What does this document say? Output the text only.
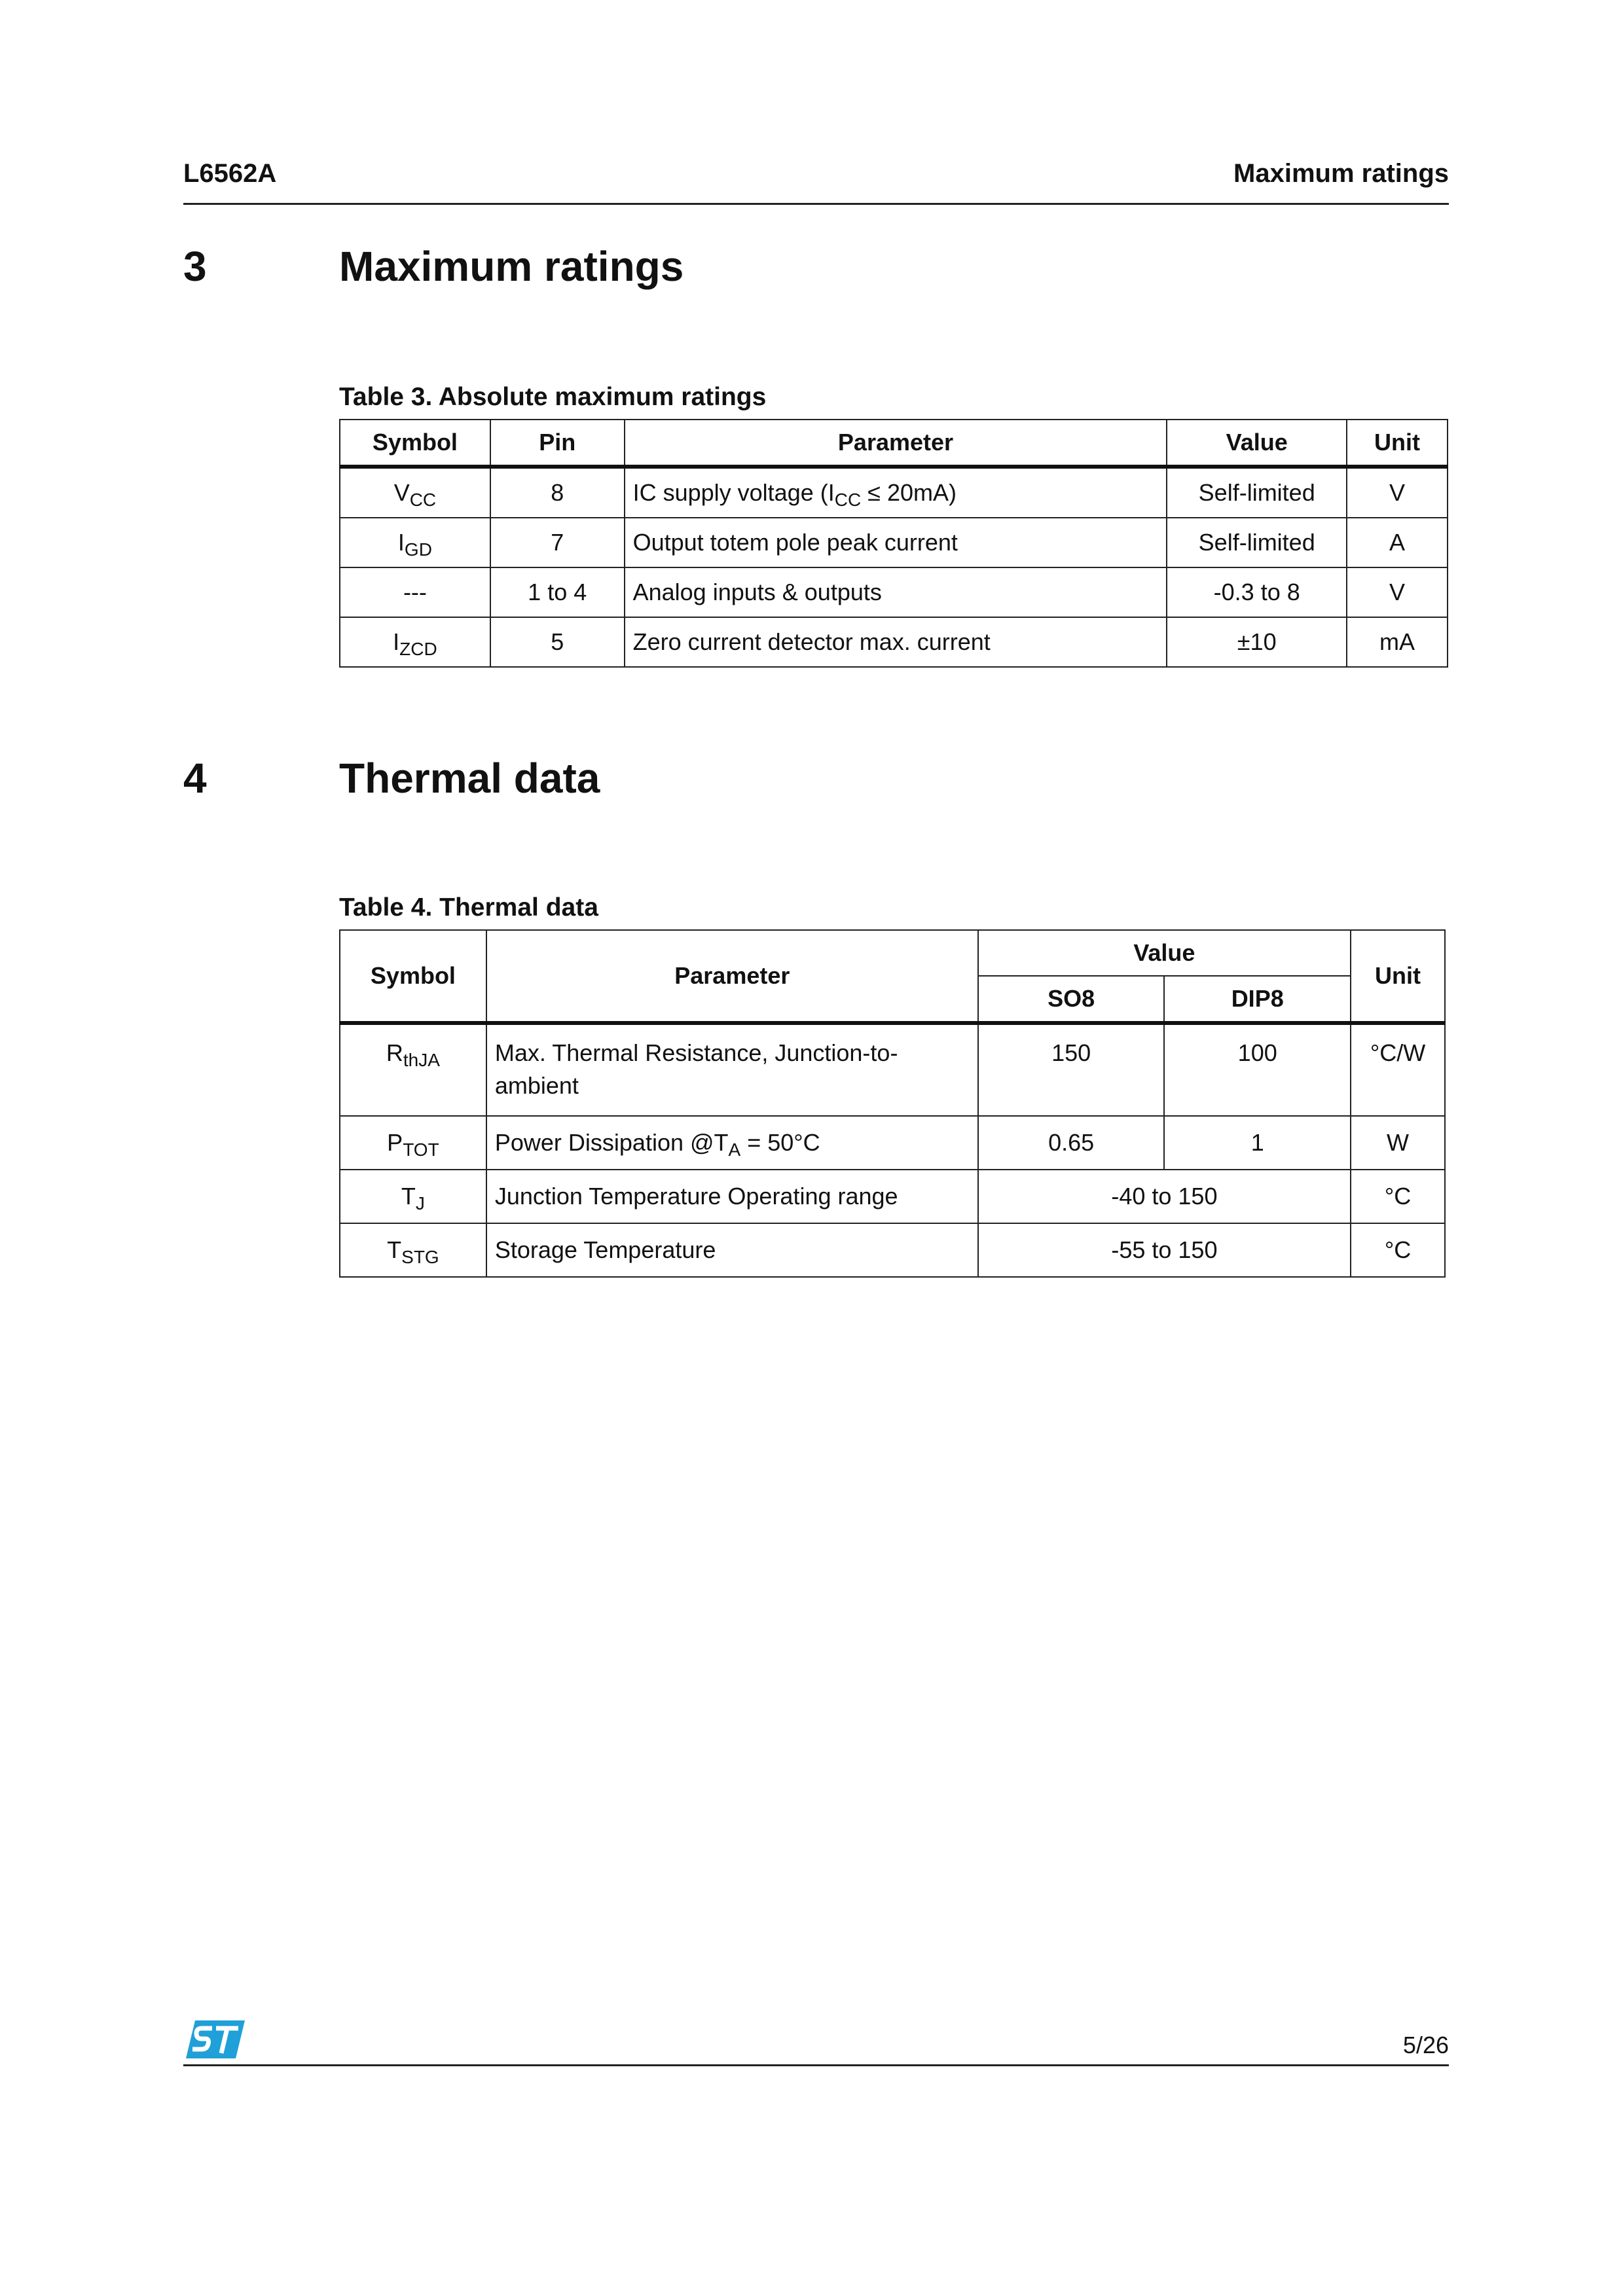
L6562A	Maximum ratings
3	Maximum ratings
Table 3. Absolute maximum ratings
Symbol	Pin	Parameter	Value	Unit
$V_{CC}$	8	IC supply voltage $(I_{CC} \le 20mA)$	Self-limited	V
$I_{GD}$	7	Output totem pole peak current	Self-limited	A
---	1 to 4	Analog inputs & outputs	-0.3 to 8	V
$I_{ZCD}$	5	Zero current detector max. current	±10	mA
4	Thermal data
Table 4. Thermal data
Symbol	Parameter	Value		Unit
		SO8	DIP8	
$R_{thJA}$	Max. Thermal Resistance, Junction-to-ambient	150	100	°C/W
$P_{TOT}$	Power Dissipation $@T_A = 50^\circ C$	0.65	1	W
$T_J$	Junction Temperature Operating range	-40 to 150		°C
$T_{STG}$	Storage Temperature	-55 to 150		°C
5/26
